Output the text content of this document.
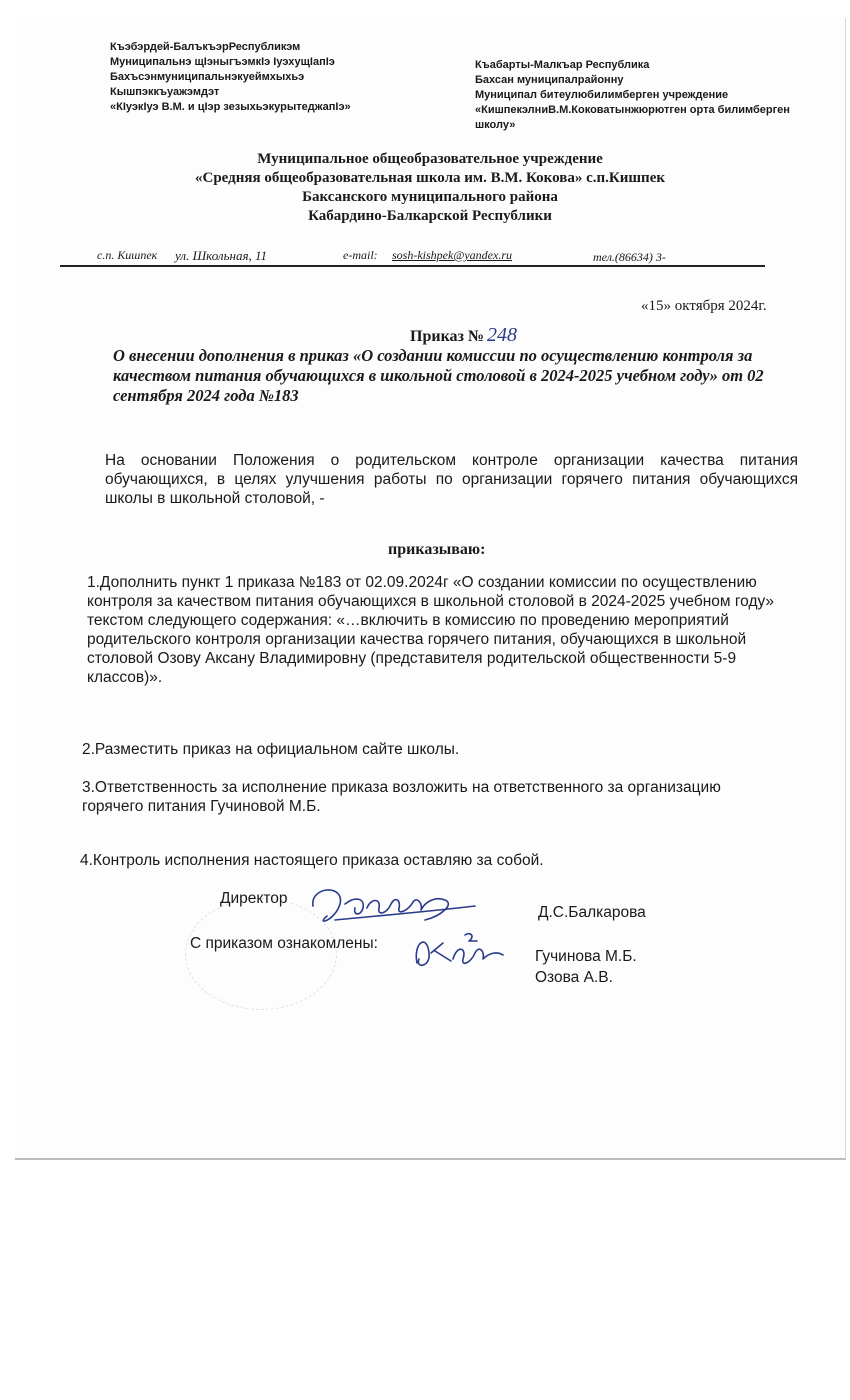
Къэбэрдей-БалъкъэрРеспубликэм
Муниципальнэ щIэныгъэмкIэ IуэхущIапIэ
Бахъсэнмуниципальнэкуеймхыхьэ
Кышпэккъуажэмдэт
«КIуэкIуэ В.М. и цIэр зезыхьэкурытеджапIэ»
Къабарты-Малкъар Республика
Бахсан муниципалрайонну
Муниципал битеулюбилимберген учреждение
«КишпекэлниВ.М.Коковатынжюрютген орта билимберген
школу»
Муниципальное общеобразовательное учреждение
«Средняя общеобразовательная школа им. В.М. Кокова» с.п.Кишпек
Баксанского муниципального района
Кабардино-Балкарской Республики
с.п. Кишпек ул. Школьная, 11	e-mail: sosh-kishpek@yandex.ru	тел.(86634) 3-
«15» октября 2024г.
Приказ № 248
О внесении дополнения в приказ «О создании комиссии по осуществлению контроля за качеством питания обучающихся в школьной столовой в 2024-2025 учебном году» от 02 сентября 2024 года №183
На основании Положения о родительском контроле организации качества питания обучающихся, в целях улучшения работы по организации горячего питания обучающихся школы в школьной столовой, -
приказываю:
1.Дополнить пункт 1 приказа №183 от 02.09.2024г «О создании комиссии по осуществлению контроля за качеством питания обучающихся в школьной столовой в 2024-2025 учебном году» текстом следующего содержания: «…включить в комиссию по проведению мероприятий родительского контроля организации качества горячего питания, обучающихся в школьной столовой Озову Аксану Владимировну (представителя родительской общественности 5-9 классов)».
2.Разместить приказ на официальном сайте школы.
3.Ответственность за исполнение приказа возложить на ответственного за организацию горячего питания Гучиновой М.Б.
4.Контроль исполнения настоящего приказа оставляю за собой.
Директор
Д.С.Балкарова
С приказом ознакомлены:
Гучинова М.Б.
Озова А.В.
